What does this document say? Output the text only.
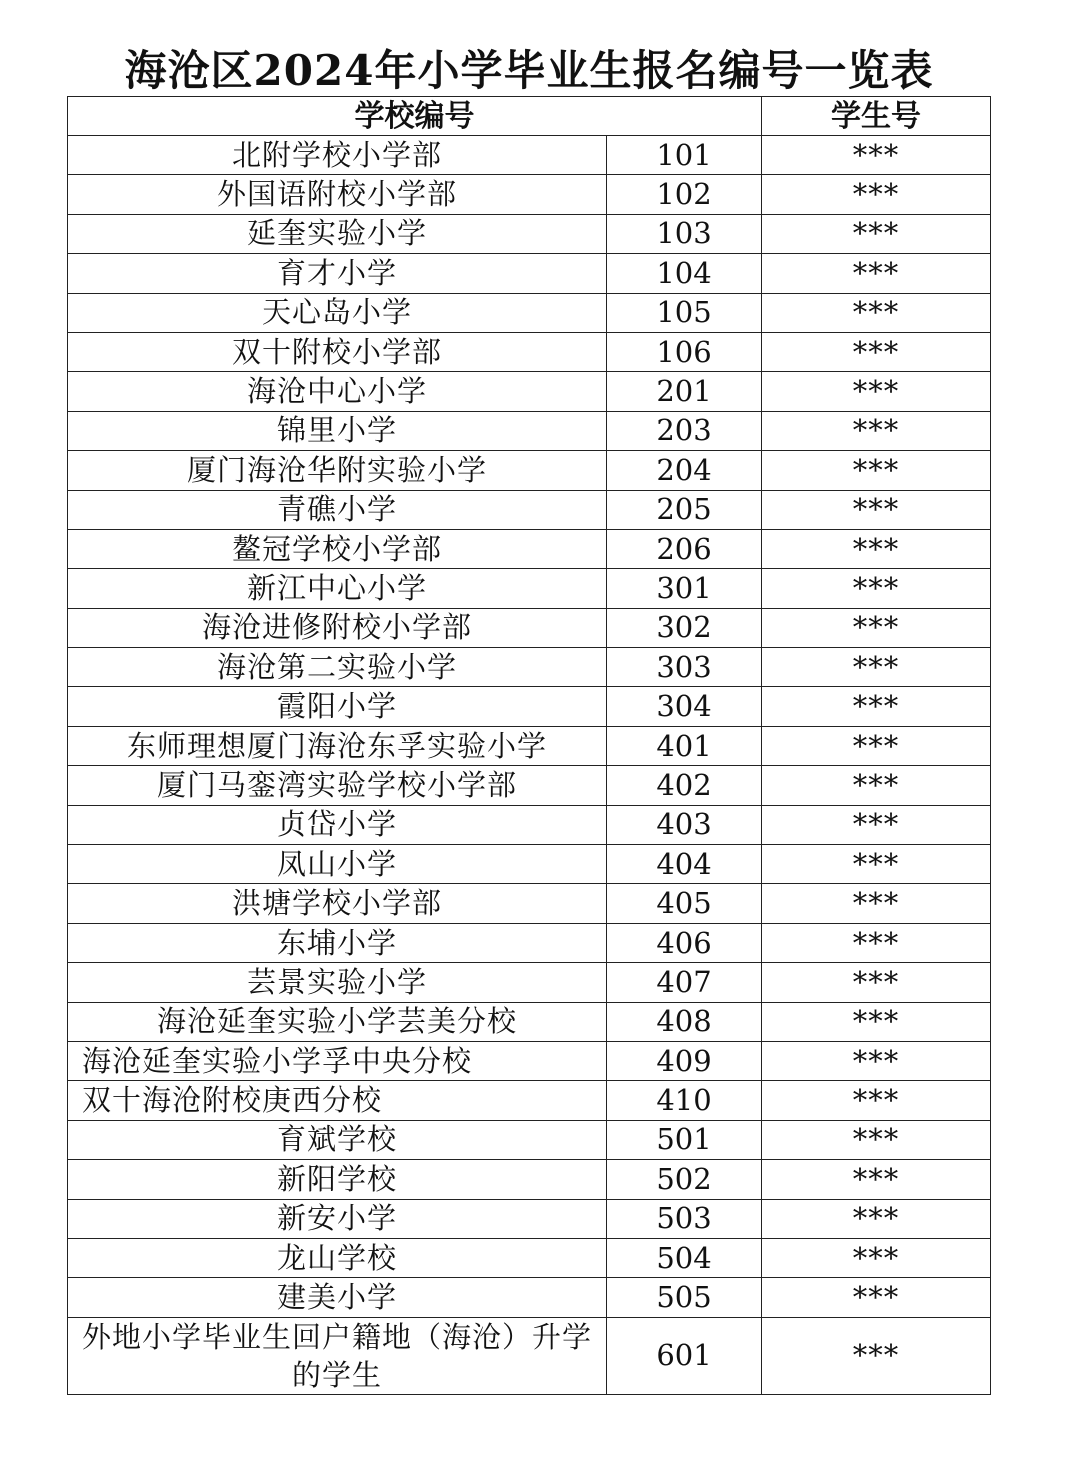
海沧区2024年小学毕业生报名编号一览表
学校编号		学生号
北附学校小学部	101	***
外国语附校小学部	102	***
延奎实验小学	103	***
育才小学	104	***
天心岛小学	105	***
双十附校小学部	106	***
海沧中心小学	201	***
锦里小学	203	***
厦门海沧华附实验小学	204	***
青礁小学	205	***
鳌冠学校小学部	206	***
新江中心小学	301	***
海沧进修附校小学部	302	***
海沧第二实验小学	303	***
霞阳小学	304	***
东师理想厦门海沧东孚实验小学	401	***
厦门马銮湾实验学校小学部	402	***
贞岱小学	403	***
凤山小学	404	***
洪塘学校小学部	405	***
东埔小学	406	***
芸景实验小学	407	***
海沧延奎实验小学芸美分校	408	***
海沧延奎实验小学孚中央分校	409	***
双十海沧附校庚西分校	410	***
育斌学校	501	***
新阳学校	502	***
新安小学	503	***
龙山学校	504	***
建美小学	505	***
外地小学毕业生回户籍地（海沧）升学的学生	601	***
